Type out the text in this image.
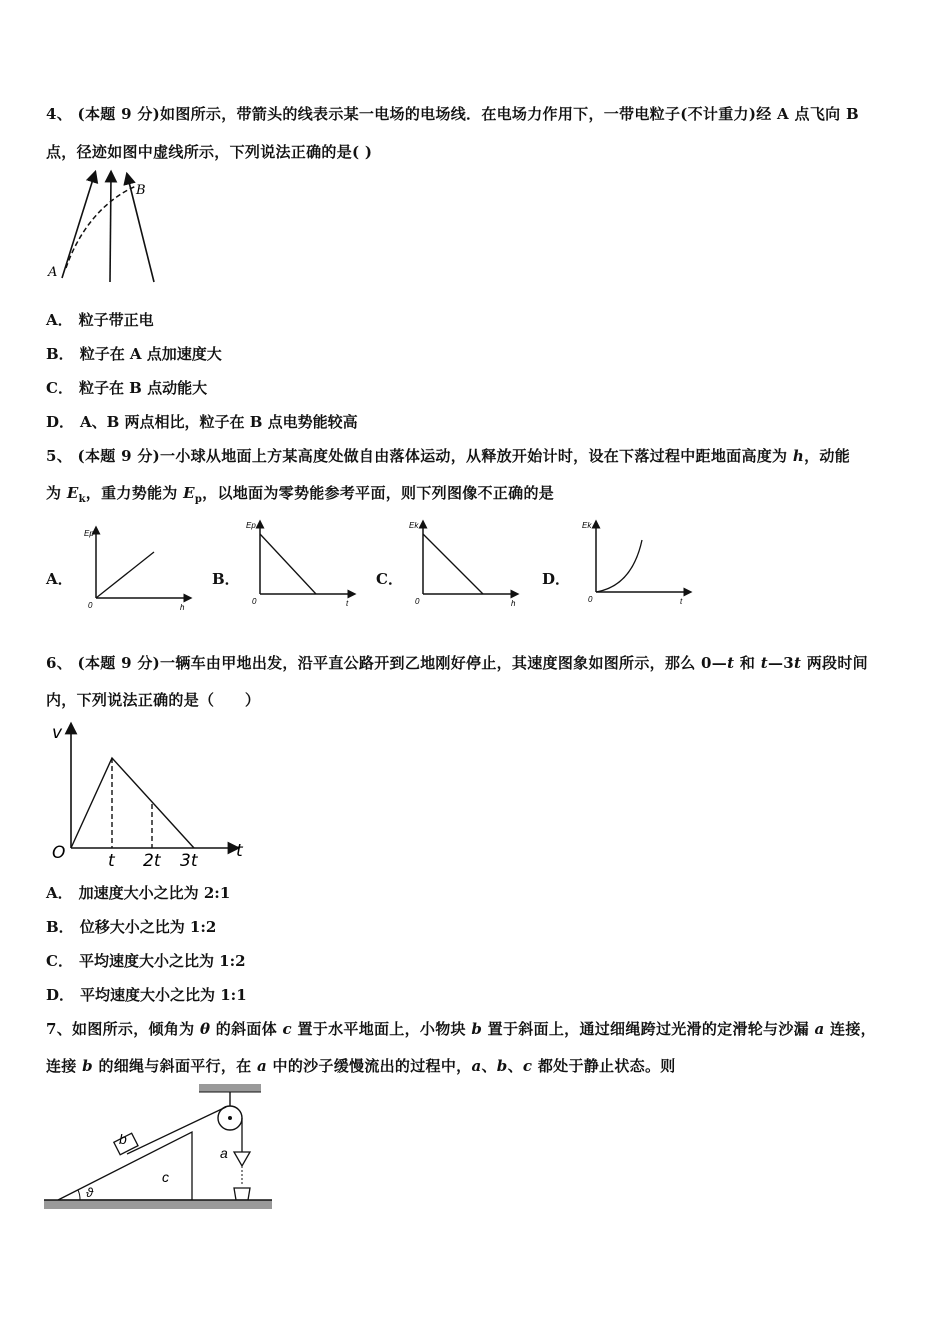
4、 (本题 9 分)如图所示，带箭头的线表示某一电场的电场线．在电场力作用下，一带电粒子(不计重力)经 A 点飞向 B
点，径迹如图中虚线所示，下列说法正确的是( )
A
B
A． 粒子带正电
B． 粒子在 A 点加速度大
C． 粒子在 B 点动能大
D． A、B 两点相比，粒子在 B 点电势能较高
5、 (本题 9 分)一小球从地面上方某高度处做自由落体运动，从释放开始计时，设在下落过程中距地面高度为 h，动能
为 $E_k$，重力势能为 $E_p$，以地面为零势能参考平面，则下列图像不正确的是
A．
Ep
0	h
B．
Ep
0	t
C．
Ek
0	h
D．
Ek
0	t
6、 (本题 9 分)一辆车由甲地出发，沿平直公路开到乙地刚好停止，其速度图象如图所示，那么 0—t 和 t—3t 两段时间
内，下列说法正确的是（　　）
v
O	t 2t 3t t
A． 加速度大小之比为 2:1
B． 位移大小之比为 1:2
C． 平均速度大小之比为 1:2
D． 平均速度大小之比为 1:1
7、如图所示，倾角为 θ 的斜面体 c 置于水平地面上，小物块 b 置于斜面上，通过细绳跨过光滑的定滑轮与沙漏 a 连接，
连接 b 的细绳与斜面平行，在 a 中的沙子缓慢流出的过程中，a、b、c 都处于静止状态。则
b
c
a
ϑ
